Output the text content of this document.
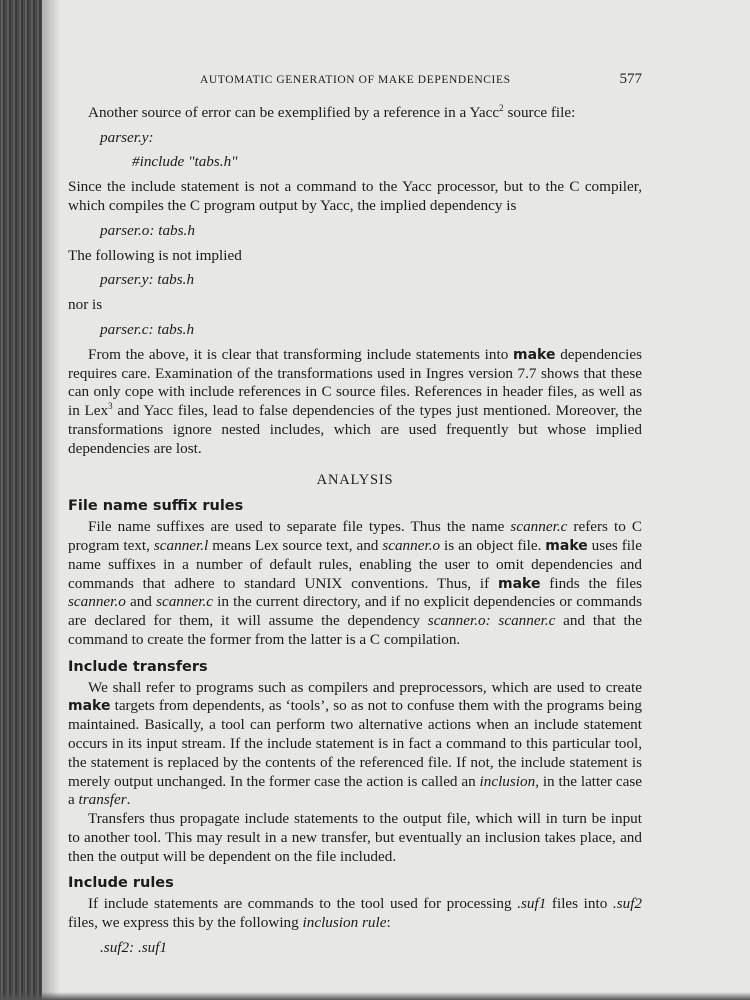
AUTOMATIC GENERATION OF MAKE DEPENDENCIES	577

Another source of error can be exemplified by a reference in a Yacc$^2$ source file:

parser.y:
#include "tabs.h"

Since the include statement is not a command to the Yacc processor, but to the C compiler, which compiles the C program output by Yacc, the implied dependency is

parser.o: tabs.h

The following is not implied

parser.y: tabs.h

nor is

parser.c: tabs.h

From the above, it is clear that transforming include statements into make dependencies requires care. Examination of the transformations used in Ingres version 7.7 shows that these can only cope with include references in C source files. References in header files, as well as in Lex$^3$ and Yacc files, lead to false dependencies of the types just mentioned. Moreover, the transformations ignore nested includes, which are used frequently but whose implied dependencies are lost.

ANALYSIS
File name suffix rules

File name suffixes are used to separate file types. Thus the name scanner.c refers to C program text, scanner.l means Lex source text, and scanner.o is an object file. make uses file name suffixes in a number of default rules, enabling the user to omit dependencies and commands that adhere to standard UNIX conventions. Thus, if make finds the files scanner.o and scanner.c in the current directory, and if no explicit dependencies or commands are declared for them, it will assume the dependency scanner.o: scanner.c and that the command to create the former from the latter is a C compilation.

Include transfers

We shall refer to programs such as compilers and preprocessors, which are used to create make targets from dependents, as ‘tools’, so as not to confuse them with the programs being maintained. Basically, a tool can perform two alternative actions when an include statement occurs in its input stream. If the include statement is in fact a command to this particular tool, the statement is replaced by the contents of the referenced file. If not, the include statement is merely output unchanged. In the former case the action is called an inclusion, in the latter case a transfer.

Transfers thus propagate include statements to the output file, which will in turn be input to another tool. This may result in a new transfer, but eventually an inclusion takes place, and then the output will be dependent on the file included.

Include rules

If include statements are commands to the tool used for processing .suf1 files into .suf2 files, we express this by the following inclusion rule:

.suf2: .suf1
